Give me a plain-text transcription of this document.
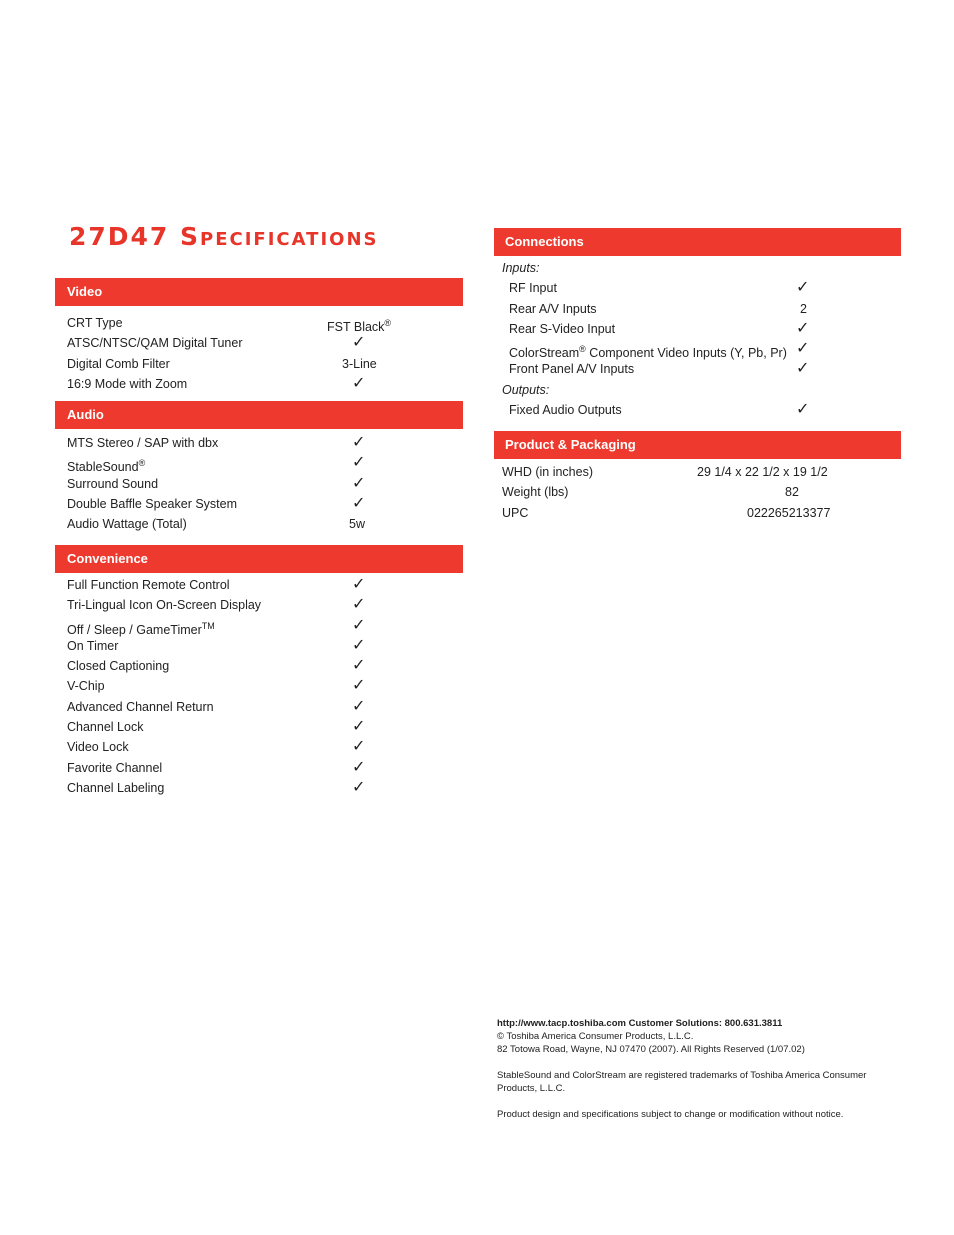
27D47 Specifications
Video
CRT Type	FST Black®
ATSC/NTSC/QAM Digital Tuner	✓
Digital Comb Filter	3-Line
16:9 Mode with Zoom	✓
Audio
MTS Stereo / SAP with dbx	✓
StableSound®	✓
Surround Sound	✓
Double Baffle Speaker System	✓
Audio Wattage (Total)	5w
Convenience
Full Function Remote Control	✓
Tri-Lingual Icon On-Screen Display	✓
Off / Sleep / GameTimer™	✓
On Timer	✓
Closed Captioning	✓
V-Chip	✓
Advanced Channel Return	✓
Channel Lock	✓
Video Lock	✓
Favorite Channel	✓
Channel Labeling	✓
Connections
Inputs:
RF Input	✓
Rear A/V Inputs	2
Rear S-Video Input	✓
ColorStream® Component Video Inputs (Y, Pb, Pr) ✓
Front Panel A/V Inputs	✓
Outputs:
Fixed Audio Outputs	✓
Product & Packaging
WHD (in inches)	29 1/4 x 22 1/2 x 19 1/2
Weight (lbs)	82
UPC	022265213377

http://www.tacp.toshiba.com Customer Solutions: 800.631.3811

© Toshiba America Consumer Products, L.L.C.

82 Totowa Road, Wayne, NJ 07470 (2007). All Rights Reserved (1/07.02)

StableSound and ColorStream are registered trademarks of Toshiba America Consumer Products, L.L.C.

Product design and specifications subject to change or modification without notice.
